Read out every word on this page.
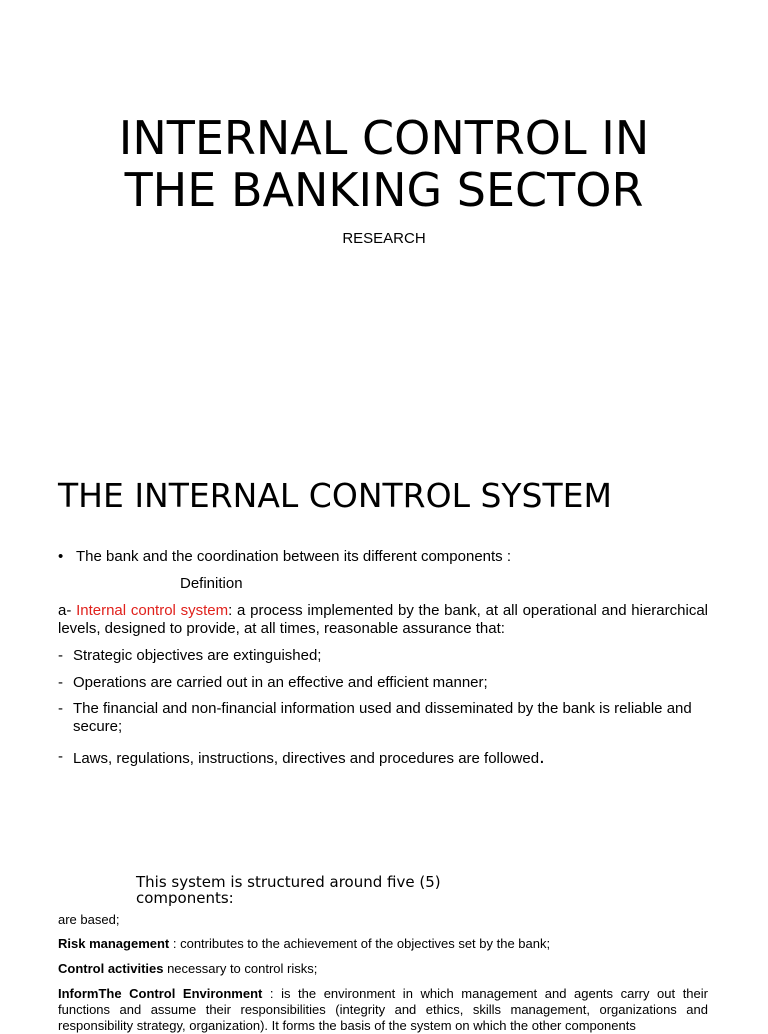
INTERNAL CONTROL IN
THE BANKING SECTOR
RESEARCH
THE INTERNAL CONTROL SYSTEM
• The bank and the coordination between its different components :
Definition
a- Internal control system: a process implemented by the bank, at all operational and hierarchical levels, designed to provide, at all times, reasonable assurance that:
- Strategic objectives are extinguished;
- Operations are carried out in an effective and efficient manner;
- The financial and non-financial information used and disseminated by the bank is reliable and secure;
- Laws, regulations, instructions, directives and procedures are followed.
This system is structured around five (5) components:
are based;
Risk management : contributes to the achievement of the objectives set by the bank;
Control activities necessary to control risks;
InformThe Control Environment : is the environment in which management and agents carry out their functions and assume their responsibilities (integrity and ethics, skills management, organizations and responsibility strategy, organization). It forms the basis of the system on which the other components
